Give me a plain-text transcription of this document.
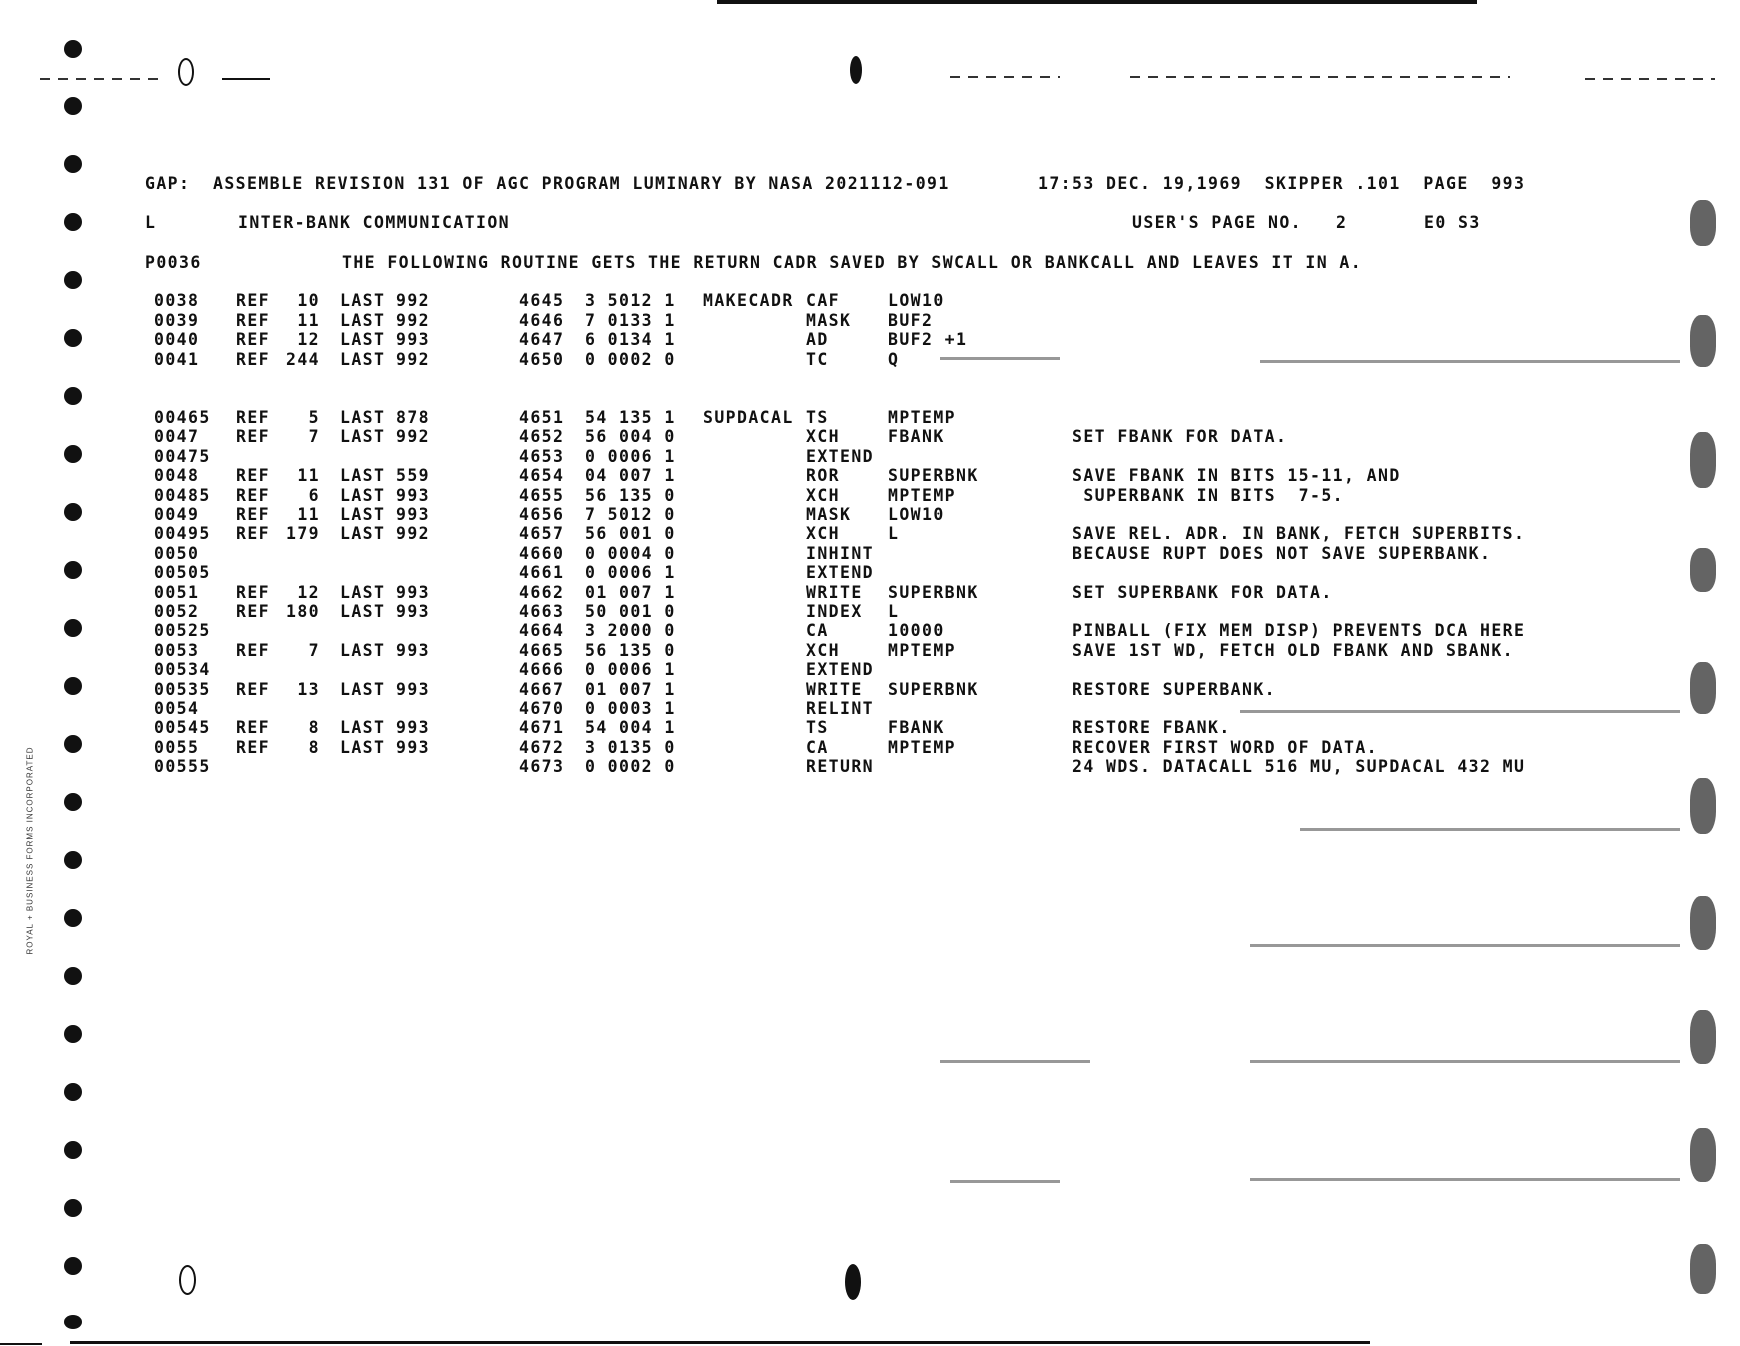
ROYAL + BUSINESS FORMS INCORPORATED
GAP:  ASSEMBLE REVISION 131 OF AGC PROGRAM LUMINARY BY NASA 2021112-091	17:53 DEC. 19,1969  SKIPPER .101  PAGE  993
L	INTER-BANK COMMUNICATION	USER'S PAGE NO.   2	E0 S3
P0036	THE FOLLOWING ROUTINE GETS THE RETURN CADR SAVED BY SWCALL OR BANKCALL AND LEAVES IT IN A.
0038 REF	10 LAST 992	4645 3 5012 1 MAKECADR CAF	LOW10
0039 REF	11 LAST 992	4646 7 0133 1	MASK BUF2
0040 REF	12 LAST 993	4647 6 0134 1	AD	BUF2 +1
0041 REF 244 LAST 992	4650 0 0002 0	TC	Q
00465 REF	5 LAST 878	4651 54 135 1 SUPDACAL TS	MPTEMP
0047 REF	7 LAST 992	4652 56 004 0	XCH	FBANK	SET FBANK FOR DATA.
00475	4653 0 0006 1	EXTEND
0048 REF	11 LAST 559	4654 04 007 1	ROR	SUPERBNK	SAVE FBANK IN BITS 15-11, AND
00485 REF	6 LAST 993	4655 56 135 0	XCH	MPTEMP	SUPERBANK IN BITS  7-5.
0049 REF	11 LAST 993	4656 7 5012 0	MASK LOW10
00495 REF 179 LAST 992	4657 56 001 0	XCH	L	SAVE REL. ADR. IN BANK, FETCH SUPERBITS.
0050	4660 0 0004 0	INHINT	BECAUSE RUPT DOES NOT SAVE SUPERBANK.
00505	4661 0 0006 1	EXTEND
0051 REF	12 LAST 993	4662 01 007 1	WRITE SUPERBNK	SET SUPERBANK FOR DATA.
0052 REF 180 LAST 993	4663 50 001 0	INDEX L
00525	4664 3 2000 0	CA	10000	PINBALL (FIX MEM DISP) PREVENTS DCA HERE
0053 REF	7 LAST 993	4665 56 135 0	XCH	MPTEMP	SAVE 1ST WD, FETCH OLD FBANK AND SBANK.
00534	4666 0 0006 1	EXTEND
00535 REF	13 LAST 993	4667 01 007 1	WRITE SUPERBNK	RESTORE SUPERBANK.
0054	4670 0 0003 1	RELINT
00545 REF	8 LAST 993	4671 54 004 1	TS	FBANK	RESTORE FBANK.
0055 REF	8 LAST 993	4672 3 0135 0	CA	MPTEMP	RECOVER FIRST WORD OF DATA.
00555	4673 0 0002 0	RETURN	24 WDS. DATACALL 516 MU, SUPDACAL 432 MU
